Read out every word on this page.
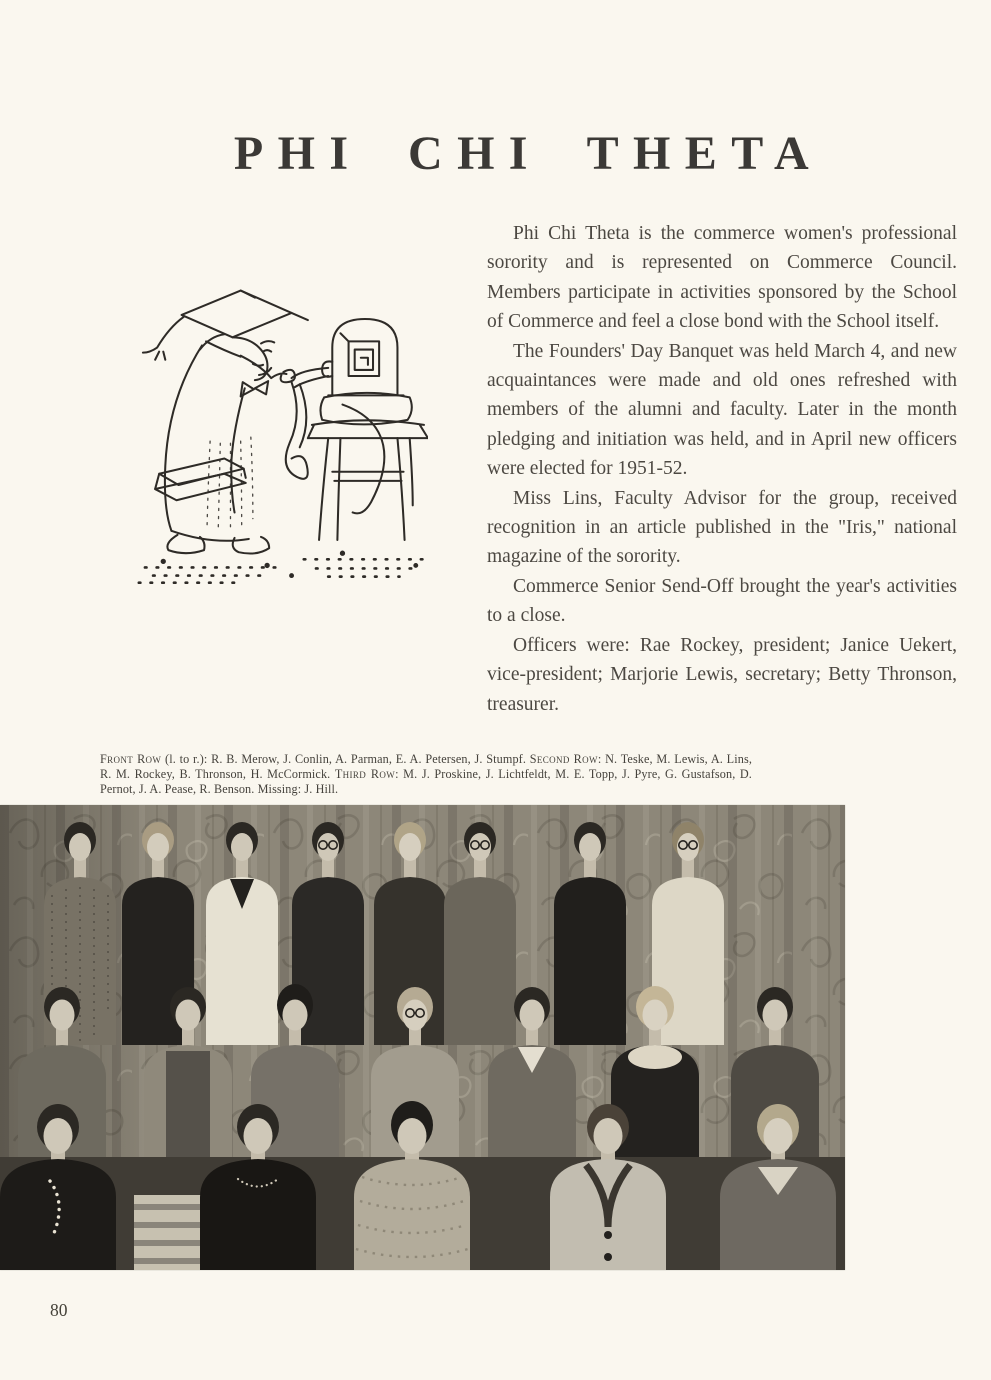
PHI CHI THETA

Phi Chi Theta is the commerce women's professional sorority and is represented on Commerce Council. Members participate in activities sponsored by the School of Commerce and feel a close bond with the School itself.

The Founders' Day Banquet was held March 4, and new acquaintances were made and old ones refreshed with members of the alumni and faculty. Later in the month pledging and initiation was held, and in April new officers were elected for 1951-52.

Miss Lins, Faculty Advisor for the group, received recognition in an article published in the "Iris," national magazine of the sorority.

Commerce Senior Send-Off brought the year's activities to a close.

Officers were: Rae Rockey, president; Janice Uekert, vice-president; Marjorie Lewis, secretary; Betty Thronson, treasurer.

Front Row (l. to r.): R. B. Merow, J. Conlin, A. Parman, E. A. Petersen, J. Stumpf. Second Row: N. Teske, M. Lewis, A. Lins, R. M. Rockey, B. Thronson, H. McCormick. Third Row: M. J. Proskine, J. Lichtfeldt, M. E. Topp, J. Pyre, G. Gustafson, D. Pernot, J. A. Pease, R. Benson. Missing: J. Hill.
80
